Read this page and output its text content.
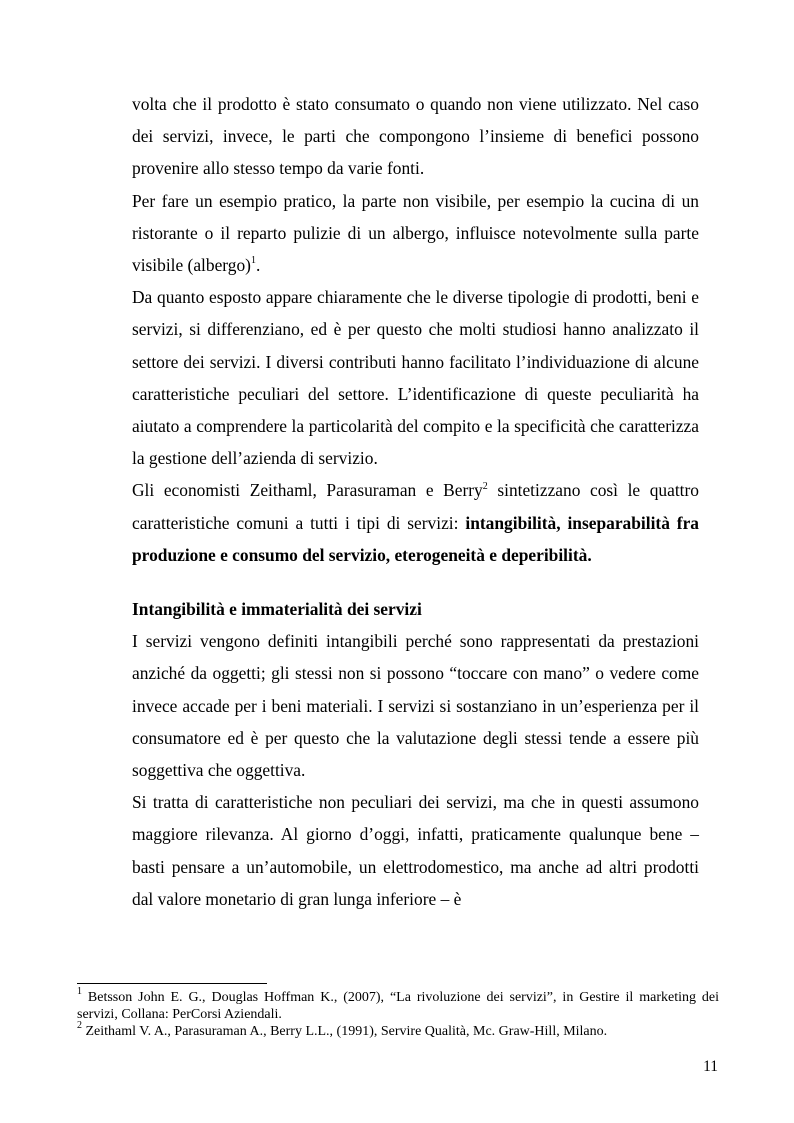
volta che il prodotto è stato consumato o quando non viene utilizzato. Nel caso dei servizi, invece, le parti che compongono l’insieme di benefici possono provenire allo stesso tempo da varie fonti.

Per fare un esempio pratico, la parte non visibile, per esempio la cucina di un ristorante o il reparto pulizie di un albergo, influisce notevolmente sulla parte visibile (albergo)$^1$.

Da quanto esposto appare chiaramente che le diverse tipologie di prodotti, beni e servizi, si differenziano, ed è per questo che molti studiosi hanno analizzato il settore dei servizi. I diversi contributi hanno facilitato l’individuazione di alcune caratteristiche peculiari del settore. L’identificazione di queste peculiarità ha aiutato a comprendere la particolarità del compito e la specificità che caratterizza la gestione dell’azienda di servizio.

Gli economisti Zeithaml, Parasuraman e Berry$^2$ sintetizzano così le quattro caratteristiche comuni a tutti i tipi di servizi: intangibilità, inseparabilità fra produzione e consumo del servizio, eterogeneità e deperibilità.

Intangibilità e immaterialità dei servizi

I servizi vengono definiti intangibili perché sono rappresentati da prestazioni anziché da oggetti; gli stessi non si possono “toccare con mano” o vedere come invece accade per i beni materiali. I servizi si sostanziano in un’esperienza per il consumatore ed è per questo che la valutazione degli stessi tende a essere più soggettiva che oggettiva.

Si tratta di caratteristiche non peculiari dei servizi, ma che in questi assumono maggiore rilevanza. Al giorno d’oggi, infatti, praticamente qualunque bene – basti pensare a un’automobile, un elettrodomestico, ma anche ad altri prodotti dal valore monetario di gran lunga inferiore – è

$^1$ Betsson John E. G., Douglas Hoffman K., (2007), “La rivoluzione dei servizi”, in Gestire il marketing dei servizi, Collana: PerCorsi Aziendali.

$^2$ Zeithaml V. A., Parasuraman A., Berry L.L., (1991), Servire Qualità, Mc. Graw-Hill, Milano.

11
